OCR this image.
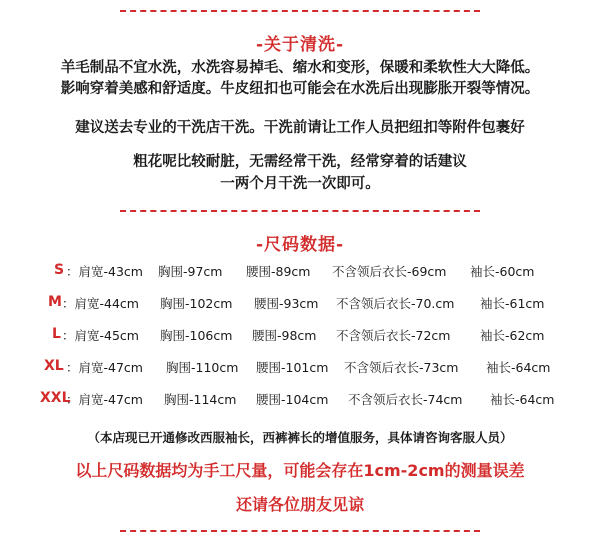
-关于清洗-
羊毛制品不宜水洗，水洗容易掉毛、缩水和变形，保暖和柔软性大大降低。
影响穿着美感和舒适度。牛皮纽扣也可能会在水洗后出现膨胀开裂等情况。
建议送去专业的干洗店干洗。干洗前请让工作人员把纽扣等附件包裹好
粗花呢比较耐脏，无需经常干洗，经常穿着的话建议
一两个月干洗一次即可。
-尺码数据-
S ：肩宽-43cm 胸围-97cm 腰围-89cm 不含领后衣长-69cm 袖长-60cm
M ：肩宽-44cm 胸围-102cm 腰围-93cm 不含领后衣长-70.cm 袖长-61cm
L ：肩宽-45cm 胸围-106cm 腰围-98cm 不含领后衣长-72cm 袖长-62cm
XL ：肩宽-47cm 胸围-110cm 腰围-101cm 不含领后衣长-73cm 袖长-64cm
XXL
：肩宽-47cm 胸围-114cm 腰围-104cm 不含领后衣长-74cm 袖长-64cm
（本店现已开通修改西服袖长，西裤裤长的增值服务，具体请咨询客服人员）
以上尺码数据均为手工尺量，可能会存在1cm-2cm的测量误差
还请各位朋友见谅
